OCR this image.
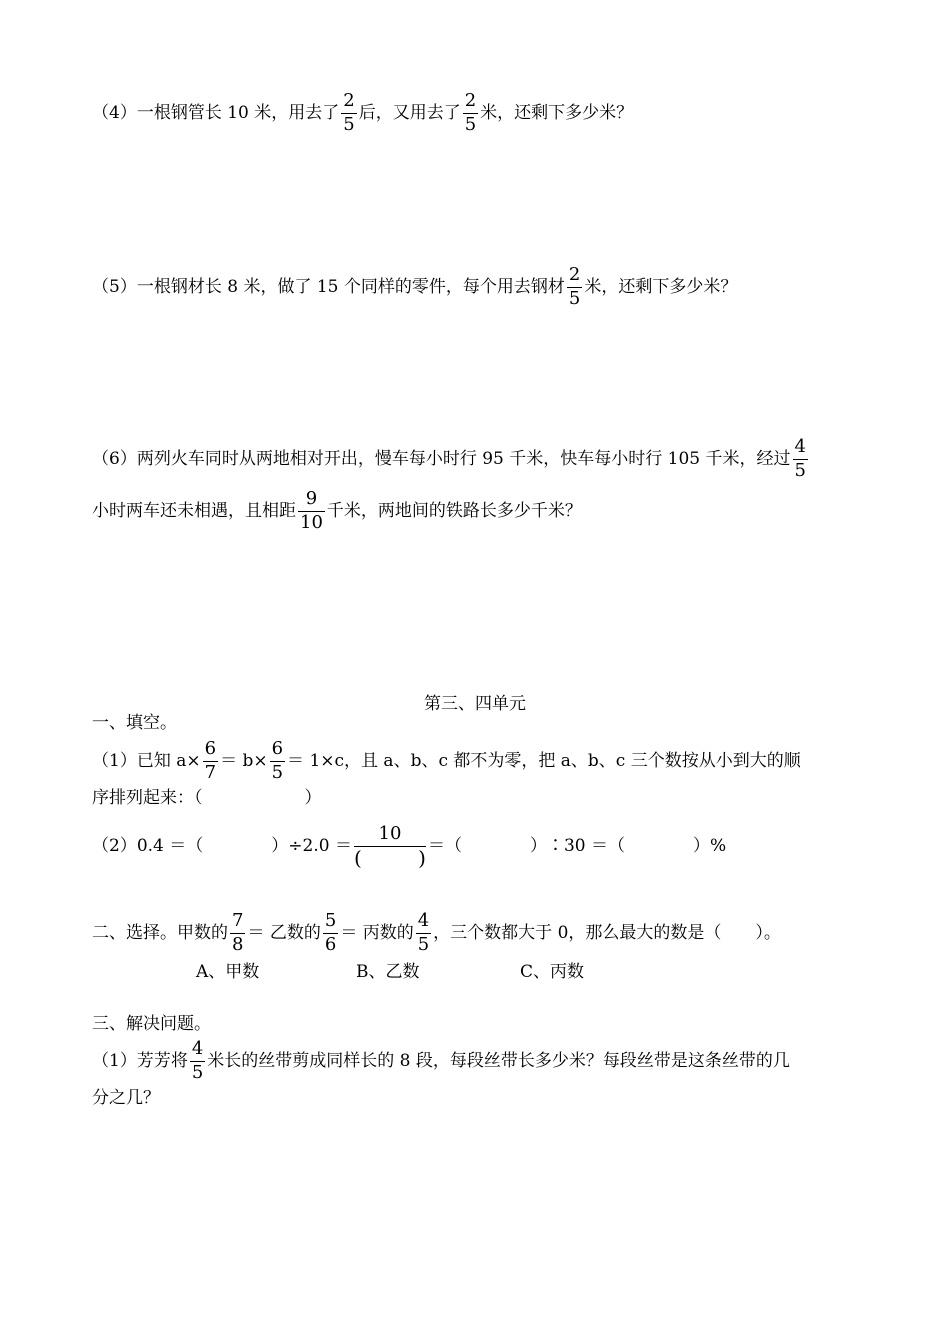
（4）一根钢管长 10 米，用去了 $\frac{2}{5}$ 后，又用去了 $\frac{2}{5}$ 米，还剩下多少米？
（5）一根钢材长 8 米，做了 15 个同样的零件，每个用去钢材 $\frac{2}{5}$ 米，还剩下多少米？
（6）两列火车同时从两地相对开出，慢车每小时行 95 千米，快车每小时行 105 千米，经过 $\frac{4}{5}$
小时两车还未相遇，且相距 $\frac{9}{10}$ 千米，两地间的铁路长多少千米？
第三、四单元
一、填空。
（1）已知 $a\times \frac{6}{7} = b\times \frac{6}{5} = 1\times c$，且 a、b、c 都不为零，把 a、b、c 三个数按从小到大的顺
序排列起来：（　　　　　　）
（2）0.4 ＝（　　　　）÷2.0 ＝ 10
(	) ＝（　　　　）∶30 ＝（　　　　）%
二、选择。甲数的 $\frac{7}{8}$ ＝ 乙数的 $\frac{5}{6}$ ＝ 丙数的 $\frac{4}{5}$ ，三个数都大于 0，那么最大的数是（　　）。
A、甲数	B、乙数	C、丙数
三、解决问题。
（1）芳芳将 $\frac{4}{5}$ 米长的丝带剪成同样长的 8 段，每段丝带长多少米？每段丝带是这条丝带的几
分之几？
